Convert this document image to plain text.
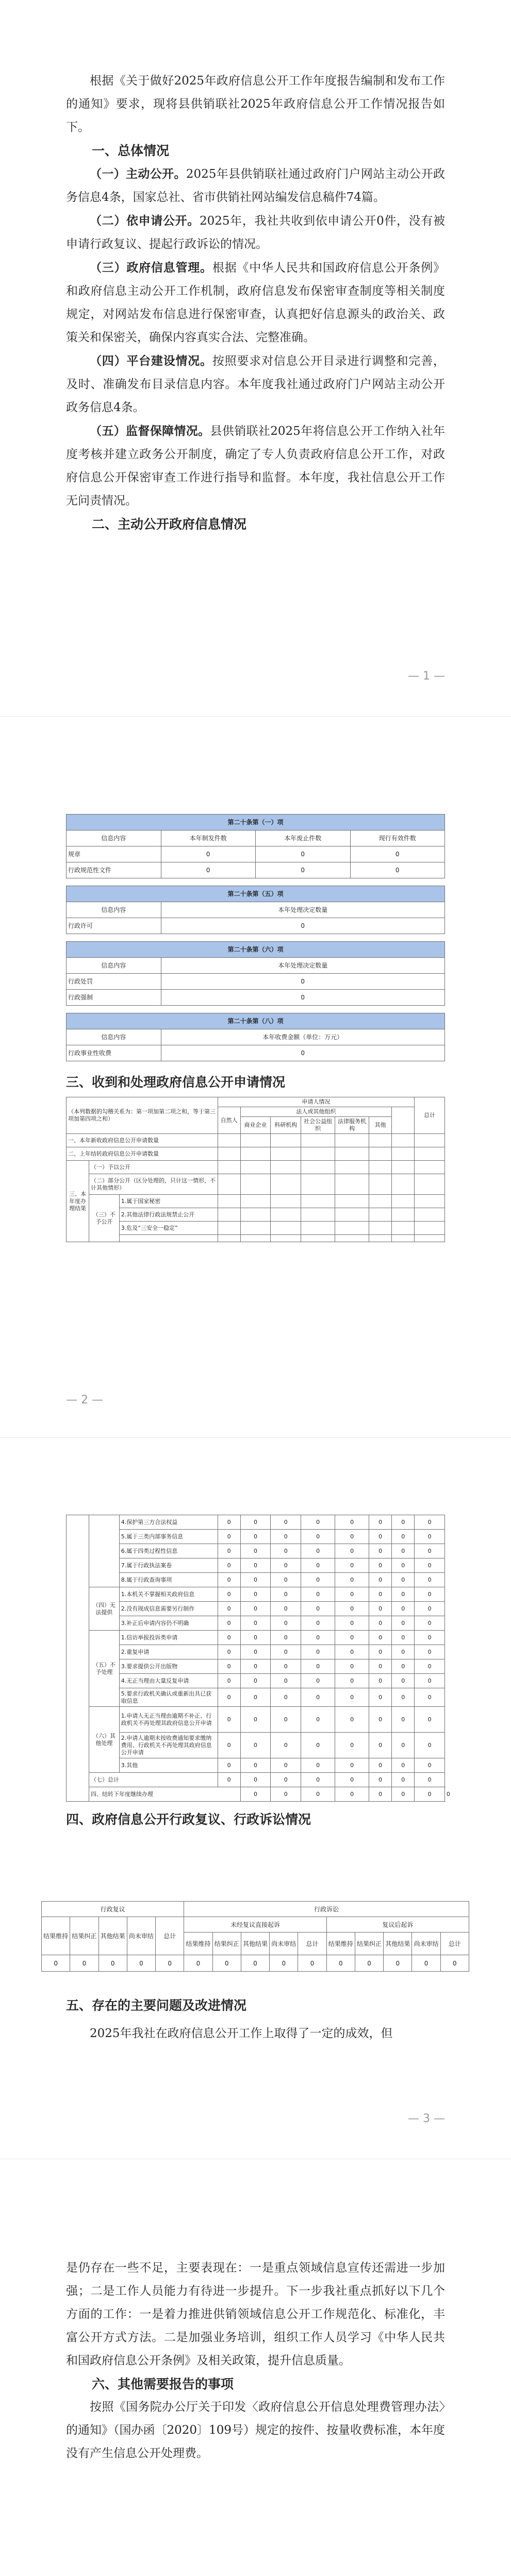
根据《关于做好2025年政府信息公开工作年度报告编制和发布工作的通知》要求，现将县供销联社2025年政府信息公开工作情况报告如下。

一、总体情况

（一）主动公开。2025年县供销联社通过政府门户网站主动公开政务信息4条，国家总社、省市供销社网站编发信息稿件74篇。

（二）依申请公开。2025年，我社共收到依申请公开0件，没有被申请行政复议、提起行政诉讼的情况。

（三）政府信息管理。根据《中华人民共和国政府信息公开条例》和政府信息主动公开工作机制，政府信息发布保密审查制度等相关制度规定，对网站发布信息进行保密审查，认真把好信息源头的政治关、政策关和保密关，确保内容真实合法、完整准确。

（四）平台建设情况。按照要求对信息公开目录进行调整和完善，及时、准确发布目录信息内容。本年度我社通过政府门户网站主动公开政务信息4条。

（五）监督保障情况。县供销联社2025年将信息公开工作纳入社年度考核并建立政务公开制度，确定了专人负责政府信息公开工作，对政府信息公开保密审查工作进行指导和监督。本年度，我社信息公开工作无问责情况。

二、主动公开政府信息情况

— 1 —
第二十条第（一）项			
信息内容	本年制发件数	本年废止件数	现行有效件数
规章	0	0	0
行政规范性文件	0	0	0
第二十条第（五）项	
信息内容	本年处理决定数量
行政许可	0
第二十条第（六）项	
信息内容	本年处理决定数量
行政处罚	0
行政强制	0
第二十条第（八）项	
信息内容	本年收费金额（单位：万元）
行政事业性收费	0

三、收到和处理政府信息公开申请情况

（本列数据的勾稽关系为：第一项加第二项之和，等于第三项加第四项之和）			申请人情况							总计
			自然人	法人或其他组织						
				商业企业	科研机构	社会公益组织	法律服务机构	其他		
一、本年新收政府信息公开申请数量										
二、上年结转政府信息公开申请数量										
三、本年度办理结果	（一）予以公开									
	（二）部分公开（区分处理的，只计这一情形，不计其他情形）									
	（三）不予公开	1.属于国家秘密								
		2.其他法律行政法规禁止公开								
		3.危及“三安全一稳定”								

— 2 —
		4.保护第三方合法权益	0	0	0	0	0	0	0	0	
		5.属于三类内部事务信息	0	0	0	0	0	0	0	0	
		6.属于四类过程性信息	0	0	0	0	0	0	0	0	
		7.属于行政执法案卷	0	0	0	0	0	0	0	0	
		8.属于行政查询事项	0	0	0	0	0	0	0	0	
	（四）无法提供	1.本机关不掌握相关政府信息	0	0	0	0	0	0	0	0	
		2.没有现成信息需要另行制作	0	0	0	0	0	0	0	0	
		3.补正后申请内容仍不明确	0	0	0	0	0	0	0	0	
	（五）不予处理	1.信访举报投诉类申请	0	0	0	0	0	0	0	0	
		2.重复申请	0	0	0	0	0	0	0	0	
		3.要求提供公开出版物	0	0	0	0	0	0	0	0	
		4.无正当理由大量反复申请	0	0	0	0	0	0	0	0	
		5.要求行政机关确认或重新出具已获取信息	0	0	0	0	0	0	0	0	
	（六）其他处理	1.申请人无正当理由逾期不补正、行政机关不再处理其政府信息公开申请	0	0	0	0	0	0	0	0	
		2.申请人逾期未按收费通知要求缴纳费用、行政机关不再处理其政府信息公开申请	0	0	0	0	0	0	0	0	
		3.其他	0	0	0	0	0	0	0	0	
	（七）总计		0	0	0	0	0	0	0	0	
	四、结转下年度继续办理			0	0	0	0	0	0	0	0

四、政府信息公开行政复议、行政诉讼情况

行政复议					行政诉讼									
结果维持	结果纠正	其他结果	尚未审结	总计	未经复议直接起诉					复议后起诉				
					结果维持	结果纠正	其他结果	尚未审结	总计	结果维持	结果纠正	其他结果	尚未审结	总计
0	0	0	0	0	0	0	0	0	0	0	0	0	0	0

五、存在的主要问题及改进情况

2025年我社在政府信息公开工作上取得了一定的成效，但

— 3 —

是仍存在一些不足，主要表现在：一是重点领域信息宣传还需进一步加强；二是工作人员能力有待进一步提升。下一步我社重点抓好以下几个方面的工作：一是着力推进供销领域信息公开工作规范化、标准化，丰富公开方式方法。二是加强业务培训，组织工作人员学习《中华人民共和国政府信息公开条例》及相关政策，提升信息质量。

六、其他需要报告的事项

按照《国务院办公厅关于印发〈政府信息公开信息处理费管理办法〉的通知》（国办函〔2020〕109号）规定的按件、按量收费标准，本年度没有产生信息公开处理费。
